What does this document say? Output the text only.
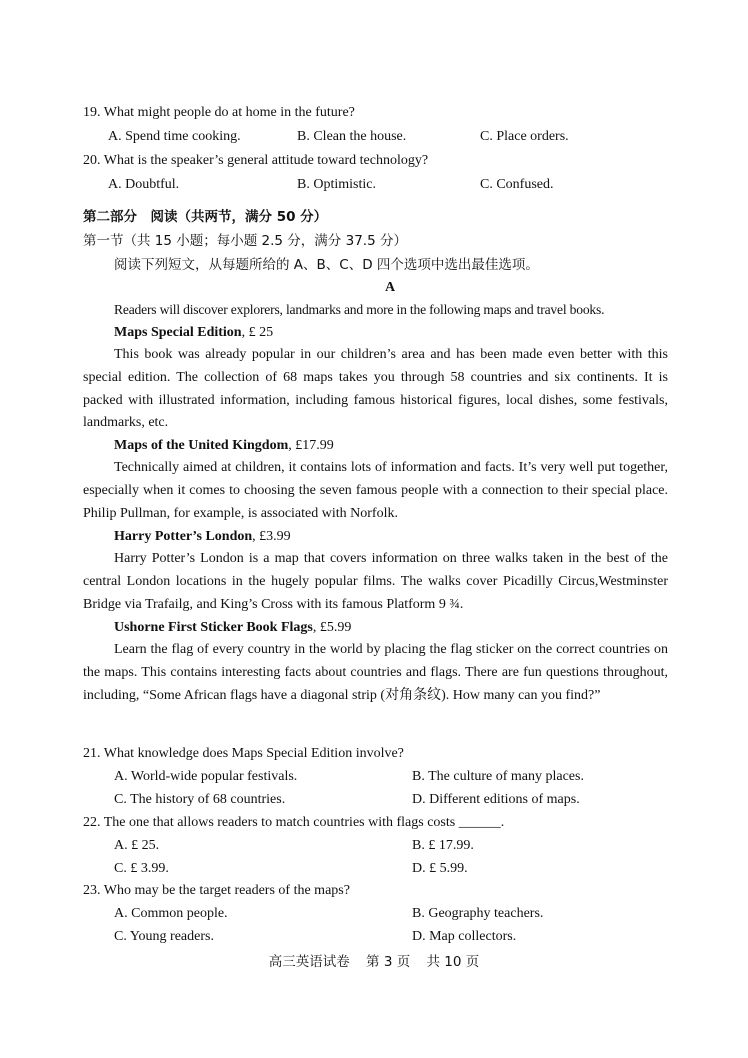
19. What might people do at home in the future?
A. Spend time cooking.	B. Clean the house.	C. Place orders.
20. What is the speaker’s general attitude toward technology?
A. Doubtful.	B. Optimistic.	C. Confused.
第二部分　阅读（共两节，满分 50 分）
第一节（共 15 小题；每小题 2.5 分，满分 37.5 分）
阅读下列短文，从每题所给的 A、B、C、D 四个选项中选出最佳选项。
A
Readers will discover explorers, landmarks and more in the following maps and travel books.
Maps Special Edition, £ 25
This book was already popular in our children’s area and has been made even better with this special edition. The collection of 68 maps takes you through 58 countries and six continents. It is packed with illustrated information, including famous historical figures, local dishes, some festivals, landmarks, etc.
Maps of the United Kingdom, £17.99
Technically aimed at children, it contains lots of information and facts. It’s very well put together, especially when it comes to choosing the seven famous people with a connection to their special place. Philip Pullman, for example, is associated with Norfolk.
Harry Potter’s London, £3.99
Harry Potter’s London is a map that covers information on three walks taken in the best of the central London locations in the hugely popular films. The walks cover Picadilly Circus,Westminster Bridge via Trafailg, and King’s Cross with its famous Platform 9 ¾.
Ushorne First Sticker Book Flags, £5.99
Learn the flag of every country in the world by placing the flag sticker on the correct countries on the maps. This contains interesting facts about countries and flags. There are fun questions throughout, including, “Some African flags have a diagonal strip (对角条纹). How many can you find?”
21. What knowledge does Maps Special Edition involve?
A. World-wide popular festivals.	B. The culture of many places.
C. The history of 68 countries.	D. Different editions of maps.
22. The one that allows readers to match countries with flags costs ______.
A. £ 25.	B. £ 17.99.
C. £ 3.99.	D. £ 5.99.
23. Who may be the target readers of the maps?
A. Common people.	B. Geography teachers.
C. Young readers.	D. Map collectors.
高三英语试卷 第 3 页 共 10 页
